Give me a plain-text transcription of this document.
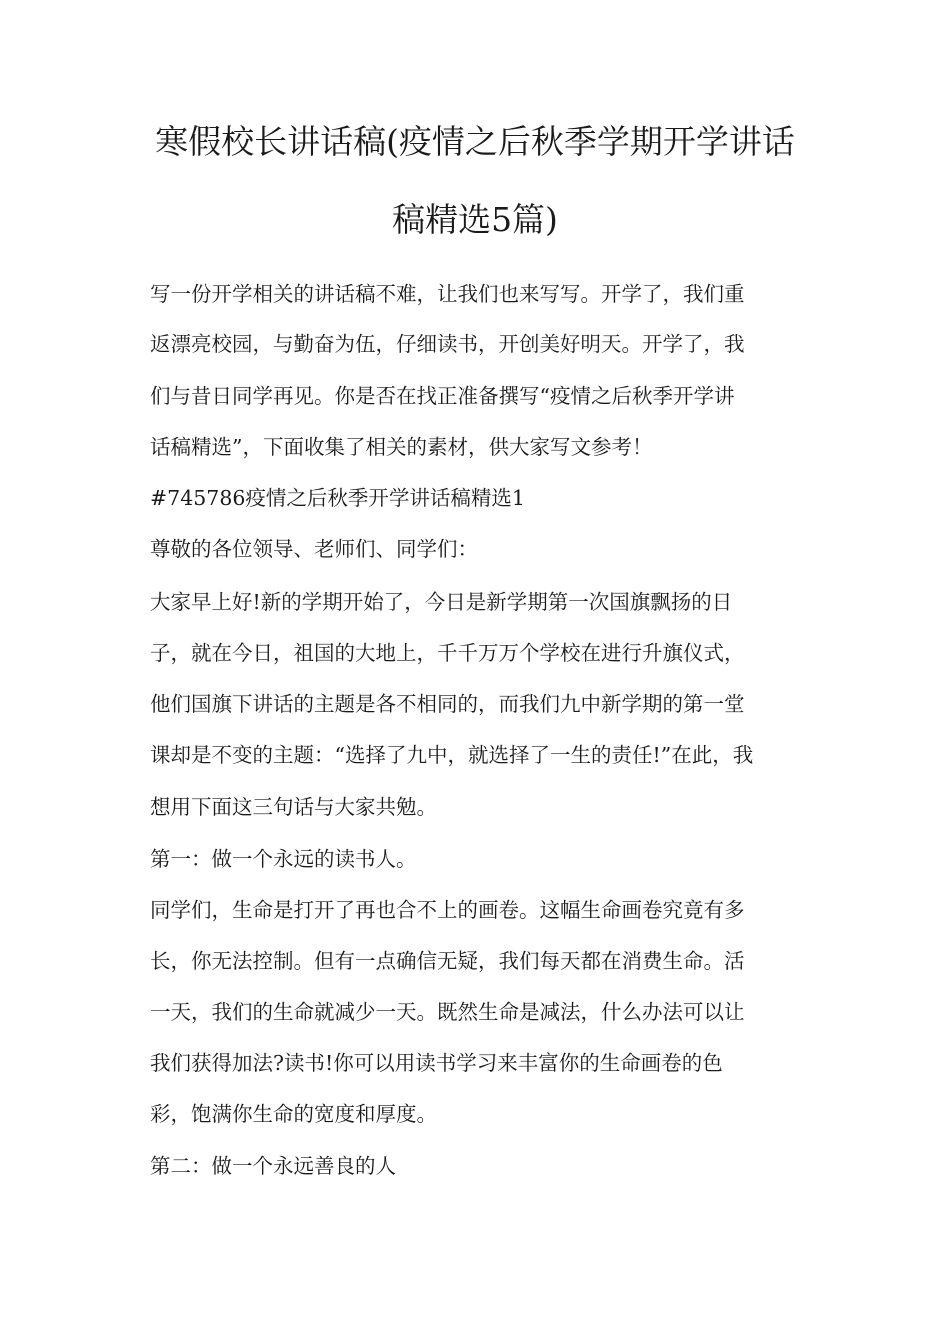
寒假校长讲话稿(疫情之后秋季学期开学讲话
稿精选5篇)

写一份开学相关的讲话稿不难，让我们也来写写。开学了，我们重

返漂亮校园，与勤奋为伍，仔细读书，开创美好明天。开学了，我

们与昔日同学再见。你是否在找正准备撰写“疫情之后秋季开学讲

话稿精选”，下面收集了相关的素材，供大家写文参考！

#745786疫情之后秋季开学讲话稿精选1

尊敬的各位领导、老师们、同学们：

大家早上好!新的学期开始了，今日是新学期第一次国旗飘扬的日

子，就在今日，祖国的大地上，千千万万个学校在进行升旗仪式，

他们国旗下讲话的主题是各不相同的，而我们九中新学期的第一堂

课却是不变的主题：“选择了九中，就选择了一生的责任!”在此，我

想用下面这三句话与大家共勉。

第一：做一个永远的读书人。

同学们，生命是打开了再也合不上的画卷。这幅生命画卷究竟有多

长，你无法控制。但有一点确信无疑，我们每天都在消费生命。活

一天，我们的生命就减少一天。既然生命是减法，什么办法可以让

我们获得加法?读书!你可以用读书学习来丰富你的生命画卷的色

彩，饱满你生命的宽度和厚度。

第二：做一个永远善良的人
